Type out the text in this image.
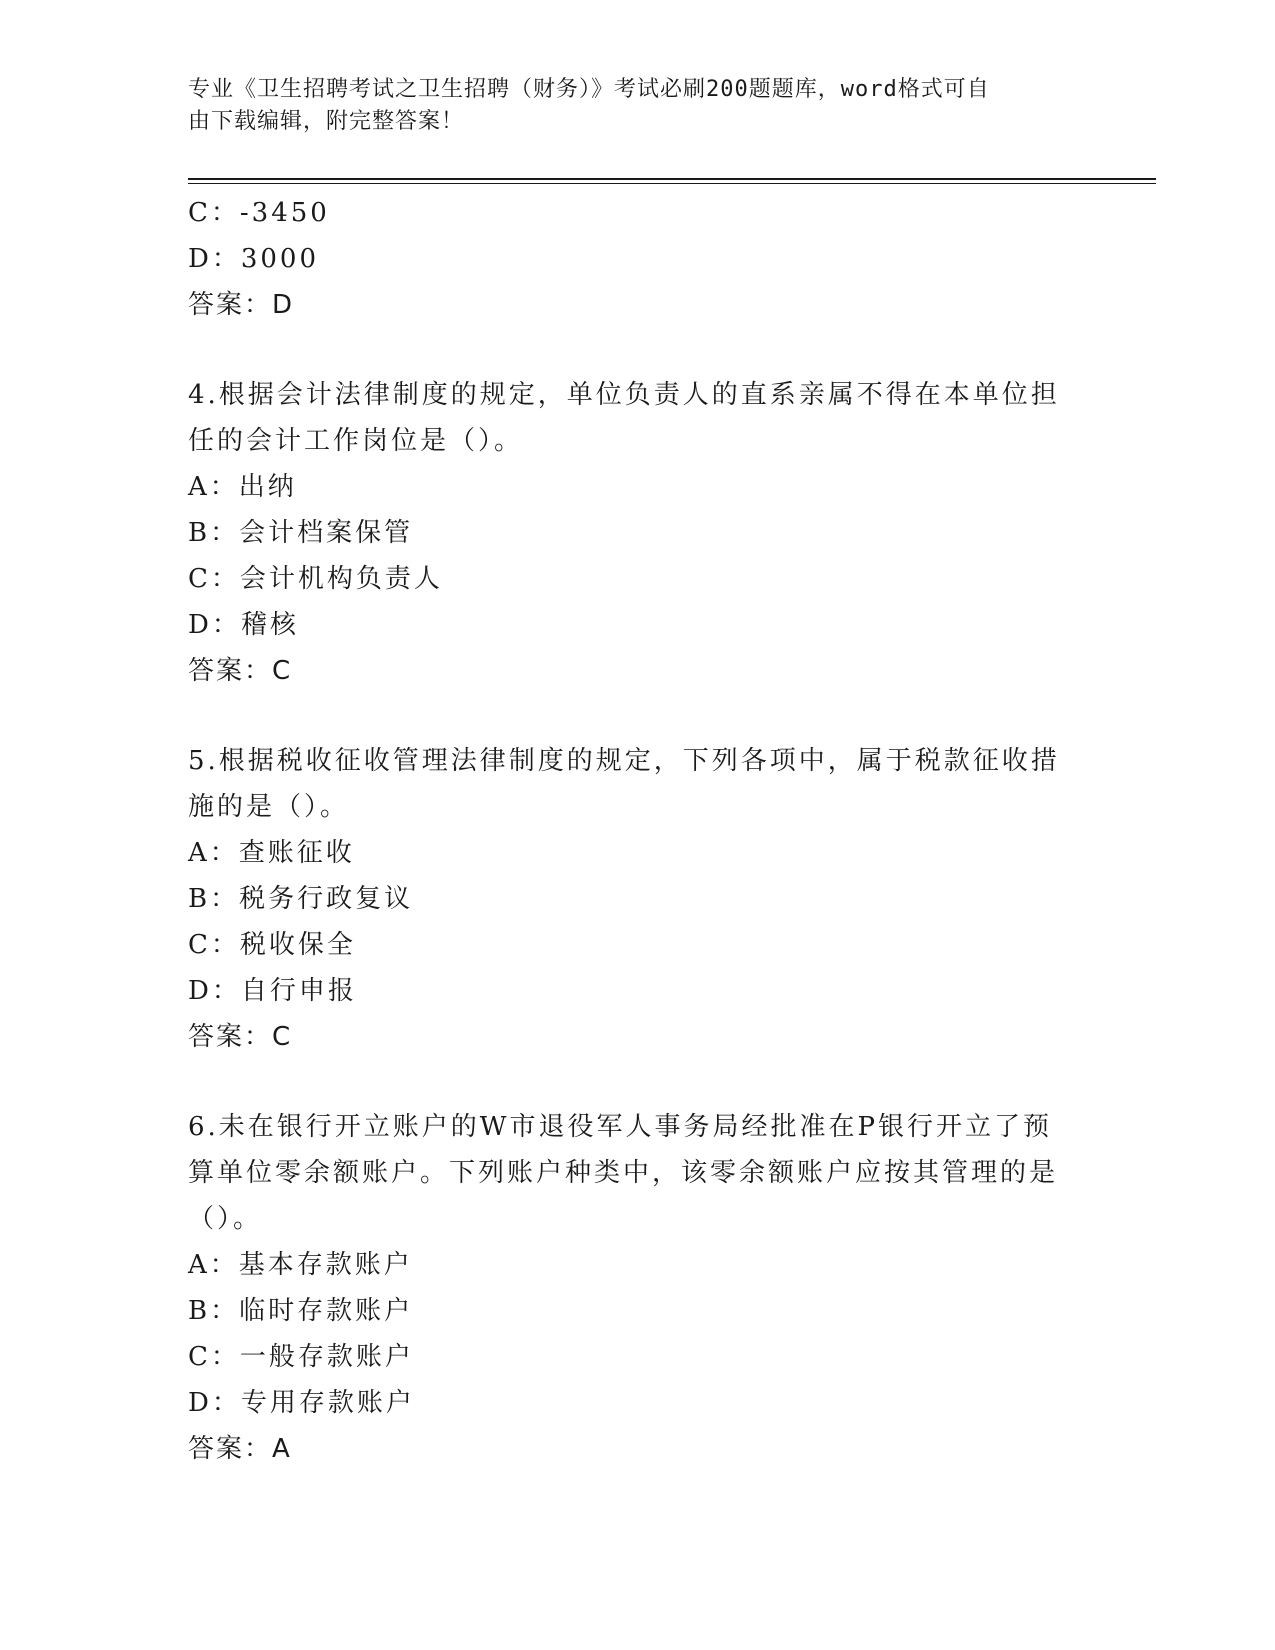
专业《卫生招聘考试之卫生招聘（财务）》考试必刷200题题库，word格式可自
由下载编辑，附完整答案！
C：-3450
D：3000
答案：D
4.根据会计法律制度的规定，单位负责人的直系亲属不得在本单位担任的会计工作岗位是（）。
A：出纳
B：会计档案保管
C：会计机构负责人
D：稽核
答案：C
5.根据税收征收管理法律制度的规定，下列各项中，属于税款征收措施的是（）。
A：查账征收
B：税务行政复议
C：税收保全
D：自行申报
答案：C
6.未在银行开立账户的W市退役军人事务局经批准在P银行开立了预算单位零余额账户。下列账户种类中，该零余额账户应按其管理的是（）。
A：基本存款账户
B：临时存款账户
C：一般存款账户
D：专用存款账户
答案：A
